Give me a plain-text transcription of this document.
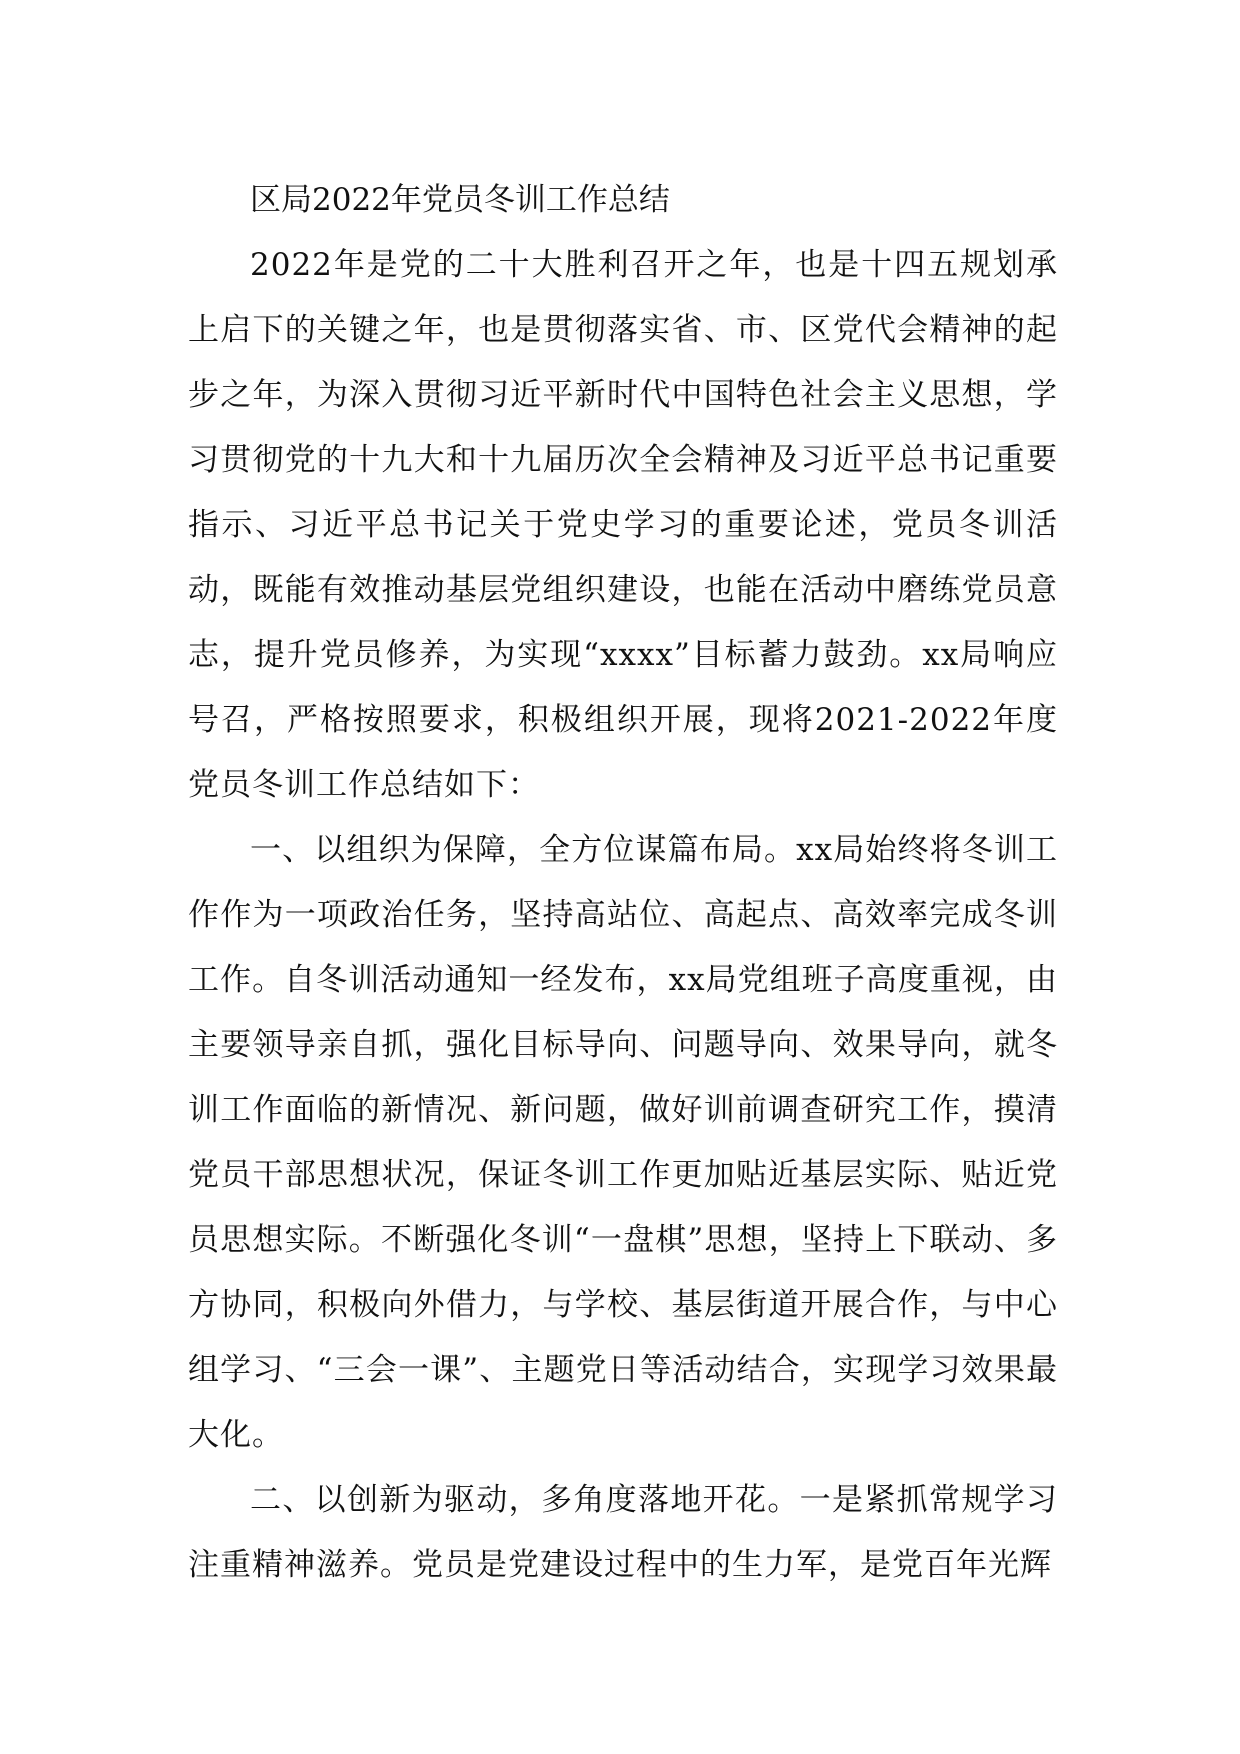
区局2022年党员冬训工作总结

2022年是党的二十大胜利召开之年，也是十四五规划承上启下的关键之年，也是贯彻落实省、市、区党代会精神的起步之年，为深入贯彻习近平新时代中国特色社会主义思想，学习贯彻党的十九大和十九届历次全会精神及习近平总书记重要指示、习近平总书记关于党史学习的重要论述，党员冬训活动，既能有效推动基层党组织建设，也能在活动中磨练党员意志，提升党员修养，为实现“xxxx”目标蓄力鼓劲。xx局响应号召，严格按照要求，积极组织开展，现将2021-2022年度党员冬训工作总结如下：

一、以组织为保障，全方位谋篇布局。xx局始终将冬训工作作为一项政治任务，坚持高站位、高起点、高效率完成冬训工作。自冬训活动通知一经发布，xx局党组班子高度重视，由主要领导亲自抓，强化目标导向、问题导向、效果导向，就冬训工作面临的新情况、新问题，做好训前调查研究工作，摸清党员干部思想状况，保证冬训工作更加贴近基层实际、贴近党员思想实际。不断强化冬训“一盘棋”思想，坚持上下联动、多方协同，积极向外借力，与学校、基层街道开展合作，与中心组学习、“三会一课”、主题党日等活动结合，实现学习效果最大化。

二、以创新为驱动，多角度落地开花。一是紧抓常规学习注重精神滋养。党员是党建设过程中的生力军，是党百年光辉
